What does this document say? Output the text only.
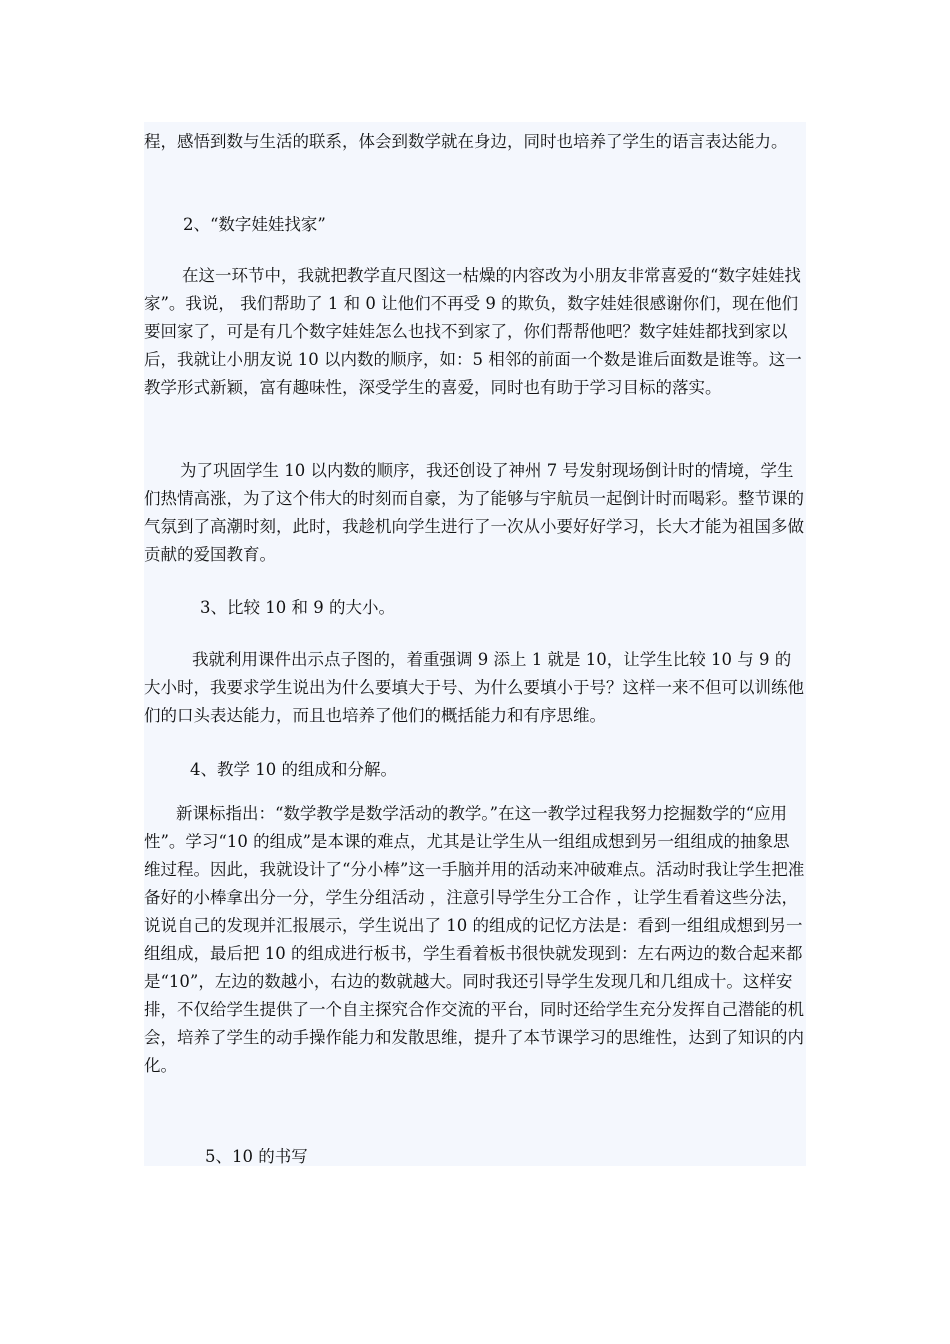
程，感悟到数与生活的联系，体会到数学就在身边，同时也培养了学生的语言表达能力。

2、“数字娃娃找家”

在这一环节中，我就把教学直尺图这一枯燥的内容改为小朋友非常喜爱的“数字娃娃找家”。我说， 我们帮助了 1 和 0 让他们不再受 9 的欺负，数字娃娃很感谢你们，现在他们要回家了，可是有几个数字娃娃怎么也找不到家了，你们帮帮他吧？数字娃娃都找到家以后，我就让小朋友说 10 以内数的顺序，如：5 相邻的前面一个数是谁后面数是谁等。这一教学形式新颖，富有趣味性，深受学生的喜爱，同时也有助于学习目标的落实。

为了巩固学生 10 以内数的顺序，我还创设了神州 7 号发射现场倒计时的情境，学生们热情高涨，为了这个伟大的时刻而自豪，为了能够与宇航员一起倒计时而喝彩。整节课的气氛到了高潮时刻，此时，我趁机向学生进行了一次从小要好好学习，长大才能为祖国多做贡献的爱国教育。

3、比较 10 和 9 的大小。

我就利用课件出示点子图的，着重强调 9 添上 1 就是 10，让学生比较 10 与 9 的大小时，我要求学生说出为什么要填大于号、为什么要填小于号？这样一来不但可以训练他们的口头表达能力，而且也培养了他们的概括能力和有序思维。

4、教学 10 的组成和分解。

新课标指出：“数学教学是数学活动的教学。”在这一教学过程我努力挖掘数学的“应用性”。学习“10 的组成”是本课的难点，尤其是让学生从一组组成想到另一组组成的抽象思维过程。因此，我就设计了“分小棒”这一手脑并用的活动来冲破难点。活动时我让学生把准备好的小棒拿出分一分，学生分组活动 ，注意引导学生分工合作 ，让学生看着这些分法，说说自己的发现并汇报展示，学生说出了 10 的组成的记忆方法是：看到一组组成想到另一组组成，最后把 10 的组成进行板书，学生看着板书很快就发现到：左右两边的数合起来都是“10”，左边的数越小，右边的数就越大。同时我还引导学生发现几和几组成十。这样安排，不仅给学生提供了一个自主探究合作交流的平台，同时还给学生充分发挥自己潜能的机会，培养了学生的动手操作能力和发散思维，提升了本节课学习的思维性，达到了知识的内化。

5、10 的书写
